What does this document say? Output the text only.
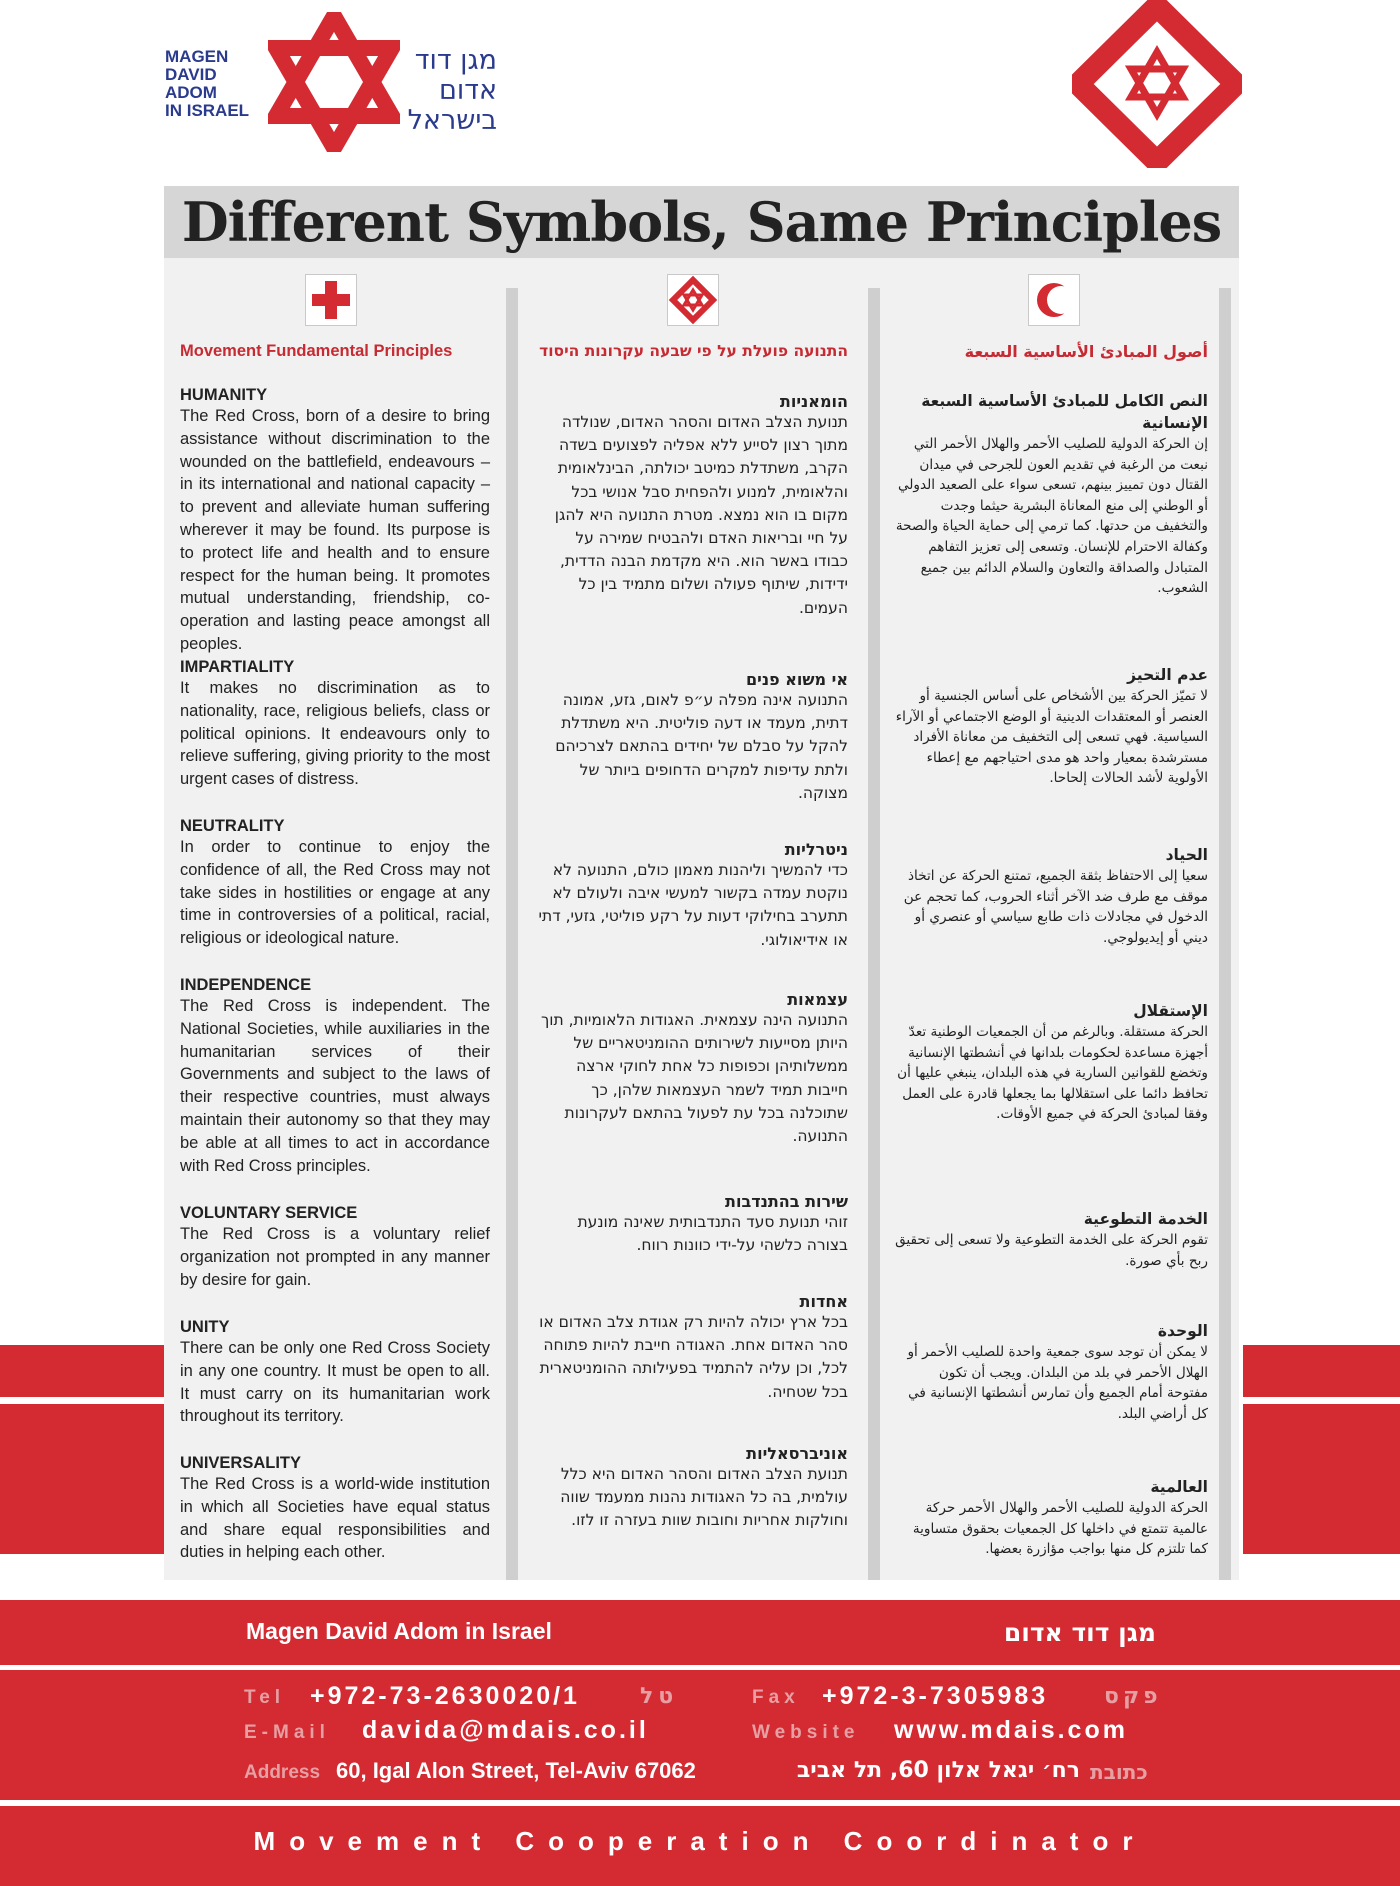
MAGEN
DAVID
ADOM
IN ISRAEL
מגן דוד
אדום
בישראל
Different Symbols, Same Principles
Movement Fundamental Principles	התנועה פועלת על פי שבעה עקרונות היסוד	أصول المبادئ الأساسية السبعة

HUMANITY

The Red Cross, born of a desire to bring assistance without discrimination to the wounded on the battlefield, endeavours – in its international and national capacity – to prevent and alleviate human suffering wherever it may be found. Its purpose is to protect life and health and to ensure respect for the human being. It promotes mutual understanding, friendship, co-operation and lasting peace amongst all peoples.

IMPARTIALITY

It makes no discrimination as to nationality, race, religious beliefs, class or political opinions. It endeavours only to relieve suffering, giving priority to the most urgent cases of distress.

NEUTRALITY

In order to continue to enjoy the confidence of all, the Red Cross may not take sides in hostilities or engage at any time in controversies of a political, racial, religious or ideological nature.

INDEPENDENCE

The Red Cross is independent. The National Societies, while auxiliaries in the humanitarian services of their Governments and subject to the laws of their respective countries, must always maintain their autonomy so that they may be able at all times to act in accordance with Red Cross principles.

VOLUNTARY SERVICE

The Red Cross is a voluntary relief organization not prompted in any manner by desire for gain.

UNITY

There can be only one Red Cross Society in any one country. It must be open to all. It must carry on its humanitarian work throughout its territory.

UNIVERSALITY

The Red Cross is a world-wide institution in which all Societies have equal status and share equal responsibilities and duties in helping each other.

הומאניות

תנועת הצלב האדום והסהר האדום, שנולדה מתוך רצון לסייע ללא אפליה לפצועים בשדה הקרב, משתדלת כמיטב יכולתה, הבינלאומית והלאומית, למנוע ולהפחית סבל אנושי בכל מקום בו הוא נמצא. מטרת התנועה היא להגן על חיי ובריאות האדם ולהבטיח שמירה על כבודו באשר הוא. היא מקדמת הבנה הדדית, ידידות, שיתוף פעולה ושלום מתמיד בין כל העמים.

אי משוא פנים

התנועה אינה מפלה ע״פ לאום, גזע, אמונה דתית, מעמד או דעה פוליטית. היא משתדלת להקל על סבלם של יחידים בהתאם לצרכיהם ולתת עדיפות למקרים הדחופים ביותר של מצוקה.

ניטרליות

כדי להמשיך וליהנות מאמון כולם, התנועה לא נוקטת עמדה בקשור למעשי איבה ולעולם לא תתערב בחילוקי דעות על רקע פוליטי, גזעי, דתי או אידיאולוגי.

עצמאות

התנועה הינה עצמאית. האגודות הלאומיות, תוך היותן מסייעות לשירותים ההומניטאריים של ממשלותיהן וכפופות כל אחת לחוקי ארצה חייבות תמיד לשמר העצמאות שלהן, כך שתוכלנה בכל עת לפעול בהתאם לעקרונות התנועה.

שירות בהתנדבות

זוהי תנועת סעד התנדבותית שאינה מונעת בצורה כלשהי על-ידי כוונות רווח.

אחדות

בכל ארץ יכולה להיות רק אגודת צלב האדום או סהר האדום אחת. האגודה חייבת להיות פתוחה לכל, וכן עליה להתמיד בפעילותה ההומניטארית בכל שטחיה.

אוניברסאליות

תנועת הצלב האדום והסהר האדום היא כלל עולמית, בה כל האגודות נהנות ממעמד שווה וחולקות אחריות וחובות שוות בעזרה זו לזו.

النص الكامل للمبادئ الأساسية السبعة الإنسانية

إن الحركة الدولية للصليب الأحمر والهلال الأحمر التي نبعت من الرغبة في تقديم العون للجرحى في ميدان القتال دون تمييز بينهم، تسعى سواء على الصعيد الدولي أو الوطني إلى منع المعاناة البشرية حيثما وجدت والتخفيف من حدتها. كما ترمي إلى حماية الحياة والصحة وكفالة الاحترام للإنسان. وتسعى إلى تعزيز التفاهم المتبادل والصداقة والتعاون والسلام الدائم بين جميع الشعوب.

عدم التحيز

لا تميّز الحركة بين الأشخاص على أساس الجنسية أو العنصر أو المعتقدات الدينية أو الوضع الاجتماعي أو الآراء السياسية. فهي تسعى إلى التخفيف من معاناة الأفراد مسترشدة بمعيار واحد هو مدى احتياجهم مع إعطاء الأولوية لأشد الحالات إلحاحا.

الحياد

سعيا إلى الاحتفاظ بثقة الجميع، تمتنع الحركة عن اتخاذ موقف مع طرف ضد الآخر أثناء الحروب، كما تحجم عن الدخول في مجادلات ذات طابع سياسي أو عنصري أو ديني أو إيديولوجي.

الإستقلال

الحركة مستقلة. وبالرغم من أن الجمعيات الوطنية تعدّ أجهزة مساعدة لحكومات بلدانها في أنشطتها الإنسانية وتخضع للقوانين السارية في هذه البلدان، ينبغي عليها أن تحافظ دائما على استقلالها بما يجعلها قادرة على العمل وفقا لمبادئ الحركة في جميع الأوقات.

الخدمة التطوعية

تقوم الحركة على الخدمة التطوعية ولا تسعى إلى تحقيق ربح بأي صورة.

الوحدة

لا يمكن أن توجد سوى جمعية واحدة للصليب الأحمر أو الهلال الأحمر في بلد من البلدان. ويجب أن تكون مفتوحة أمام الجميع وأن تمارس أنشطتها الإنسانية في كل أراضي البلد.

العالمية

الحركة الدولية للصليب الأحمر والهلال الأحمر حركة عالمية تتمتع في داخلها كل الجمعيات بحقوق متساوية كما تلتزم كل منها بواجب مؤازرة بعضها.

Magen David Adom in Israel	מגן דוד אדום
Tel +972-73-2630020/1	טל	Fax +972-3-7305983	פקס
E-Mail davida@mdais.co.il	Website www.mdais.com
Address 60, Igal Alon Street, Tel-Aviv 67062	רח׳ יגאל אלון 60, תל אביב כתובת
Movement Cooperation Coordinator
